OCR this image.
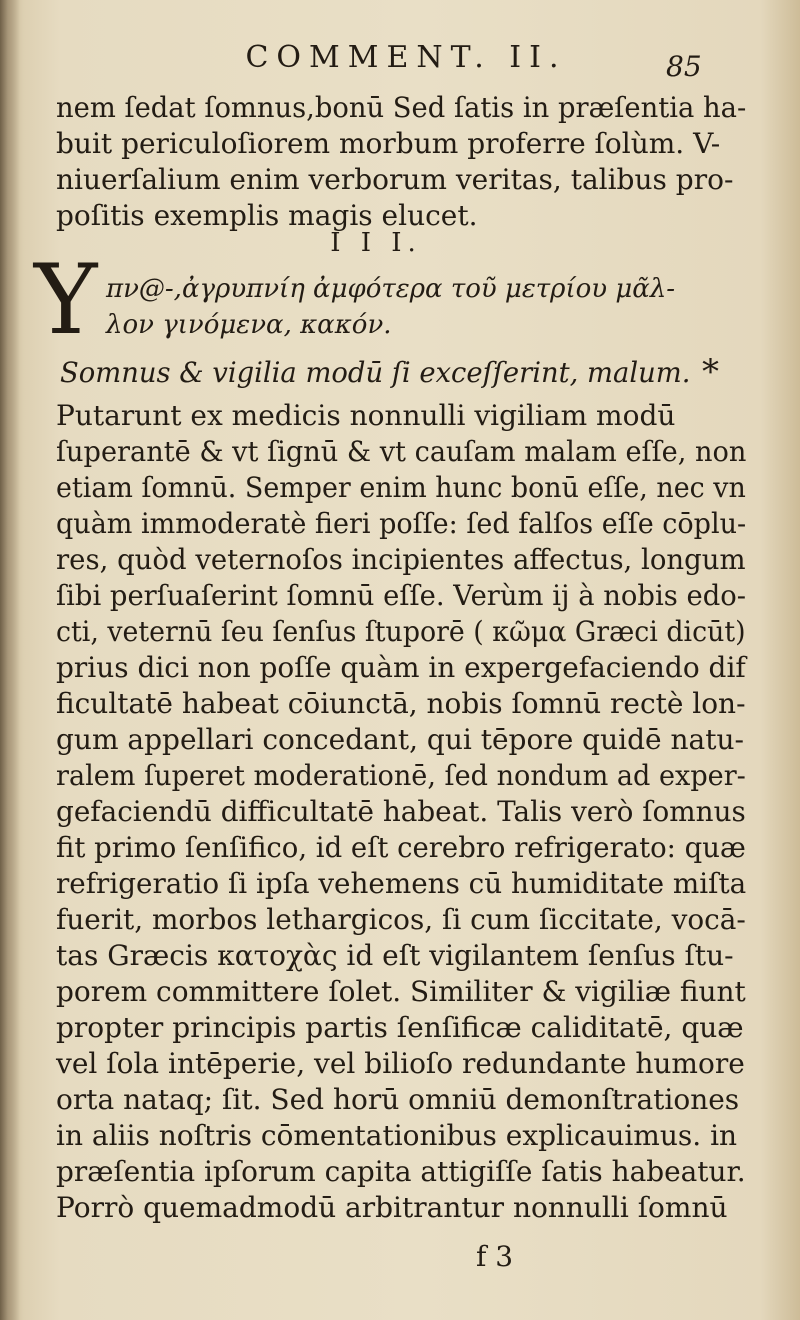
COMMENT. II.	85
nem ſedat ſomnus,bonū Sed ſatis in præſentia ha-
buit periculoſiorem morbum proferre ſolùm. V-
niuerſalium enim verborum veritas, talibus pro-
poſitis exemplis magis elucet.
I I I.
Y πν@-,ἀγρυπνίη ἀμφότερα τοῦ μετρίου μᾶλ-
λον γινόμενα, κακόν.
Somnus & vigilia modū ſi exceſſerint, malum. *
Putarunt ex medicis nonnulli vigiliam modū
ſuperantē & vt ſignū & vt cauſam malam eſſe, non
etiam ſomnū. Semper enim hunc bonū eſſe, nec vn
quàm immoderatè fieri poſſe: ſed falſos eſſe cōplu-
res, quòd veternoſos incipientes affectus, longum
ſibi perſuaſerint ſomnū eſſe. Verùm ij à nobis edo-
cti, veternū ſeu ſenſus ſtuporē ( κῶμα Græci dicūt)
prius dici non poſſe quàm in expergefaciendo dif
ficultatē habeat cōiunctā, nobis ſomnū rectè lon-
gum appellari concedant, qui tēpore quidē natu-
ralem ſuperet moderationē, ſed nondum ad exper-
gefaciendū difficultatē habeat. Talis verò ſomnus
fit primo ſenſifico, id eſt cerebro refrigerato: quæ
refrigeratio ſi ipſa vehemens cū humiditate miſta
fuerit, morbos lethargicos, ſi cum ſiccitate, vocā-
tas Græcis κατοχὰς id eſt vigilantem ſenſus ſtu-
porem committere ſolet. Similiter & vigiliæ fiunt
propter principis partis ſenſificæ caliditatē, quæ
vel ſola intēperie, vel bilioſo redundante humore
orta nataq; ſit. Sed horū omniū demonſtrationes
in aliis noſtris cōmentationibus explicauimus. in
præſentia ipſorum capita attigiſſe ſatis habeatur.
Porrò quemadmodū arbitrantur nonnulli ſomnū
f 3
